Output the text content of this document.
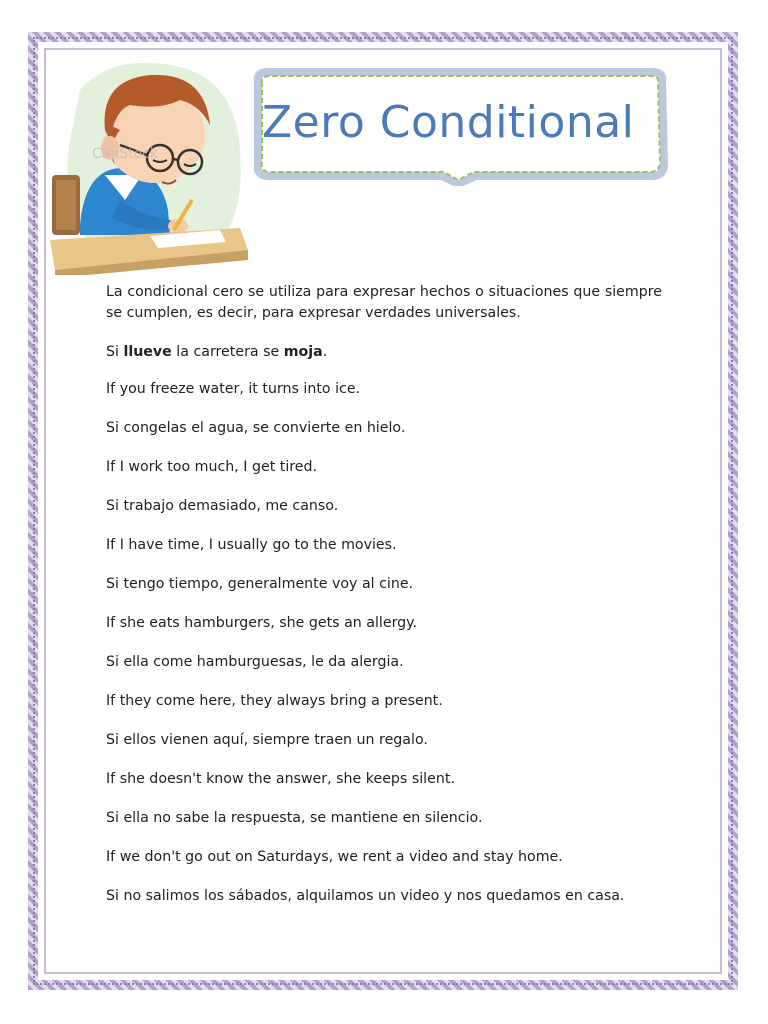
CanStock
Zero Conditional

La condicional cero se utiliza para expresar hechos o situaciones que siempre se cumplen, es decir, para expresar verdades universales.

Si llueve la carretera se moja.

If you freeze water, it turns into ice.

Si congelas el agua, se convierte en hielo.

If I work too much, I get tired.

Si trabajo demasiado, me canso.

If I have time, I usually go to the movies.

Si tengo tiempo, generalmente voy al cine.

If she eats hamburgers, she gets an allergy.

Si ella come hamburguesas, le da alergia.

If they come here, they always bring a present.

Si ellos vienen aquí, siempre traen un regalo.

If she doesn't know the answer, she keeps silent.

Si ella no sabe la respuesta, se mantiene en silencio.

If we don't go out on Saturdays, we rent a video and stay home.

Si no salimos los sábados, alquilamos un video y nos quedamos en casa.
